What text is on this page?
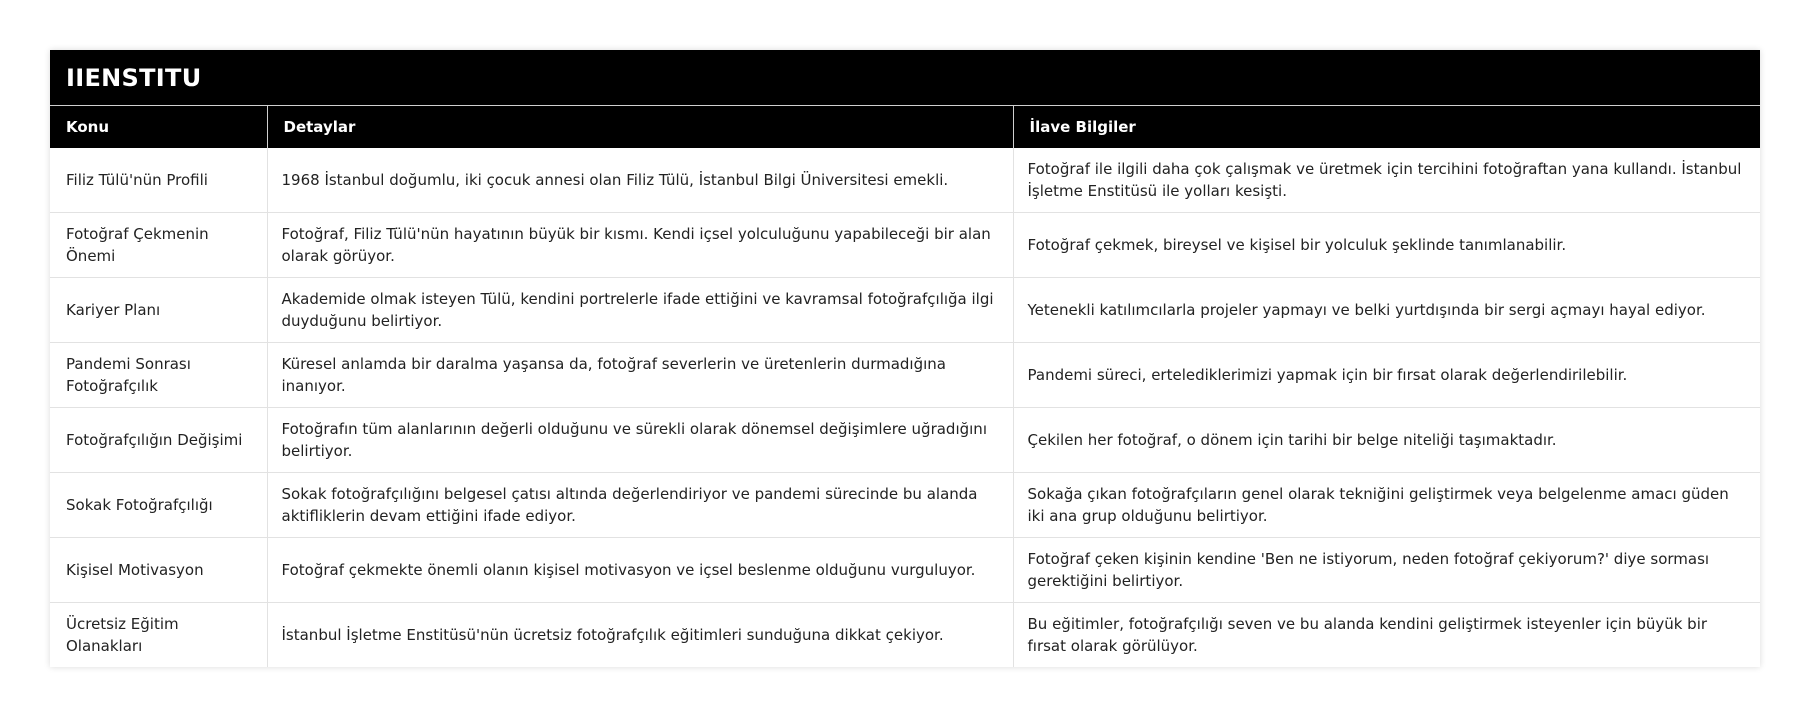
IIENSTITU
Konu	Detaylar	İlave Bilgiler
Filiz Tülü'nün Profili	1968 İstanbul doğumlu, iki çocuk annesi olan Filiz Tülü, İstanbul Bilgi Üniversitesi emekli.	Fotoğraf ile ilgili daha çok çalışmak ve üretmek için tercihini fotoğraftan yana kullandı. İstanbul İşletme Enstitüsü ile yolları kesişti.
Fotoğraf Çekmenin Önemi	Fotoğraf, Filiz Tülü'nün hayatının büyük bir kısmı. Kendi içsel yolculuğunu yapabileceği bir alan olarak görüyor.	Fotoğraf çekmek, bireysel ve kişisel bir yolculuk şeklinde tanımlanabilir.
Kariyer Planı	Akademide olmak isteyen Tülü, kendini portrelerle ifade ettiğini ve kavramsal fotoğrafçılığa ilgi duyduğunu belirtiyor.	Yetenekli katılımcılarla projeler yapmayı ve belki yurtdışında bir sergi açmayı hayal ediyor.
Pandemi Sonrası Fotoğrafçılık	Küresel anlamda bir daralma yaşansa da, fotoğraf severlerin ve üretenlerin durmadığına inanıyor.	Pandemi süreci, ertelediklerimizi yapmak için bir fırsat olarak değerlendirilebilir.
Fotoğrafçılığın Değişimi	Fotoğrafın tüm alanlarının değerli olduğunu ve sürekli olarak dönemsel değişimlere uğradığını belirtiyor.	Çekilen her fotoğraf, o dönem için tarihi bir belge niteliği taşımaktadır.
Sokak Fotoğrafçılığı	Sokak fotoğrafçılığını belgesel çatısı altında değerlendiriyor ve pandemi sürecinde bu alanda aktifliklerin devam ettiğini ifade ediyor.	Sokağa çıkan fotoğrafçıların genel olarak tekniğini geliştirmek veya belgelenme amacı güden iki ana grup olduğunu belirtiyor.
Kişisel Motivasyon	Fotoğraf çekmekte önemli olanın kişisel motivasyon ve içsel beslenme olduğunu vurguluyor.	Fotoğraf çeken kişinin kendine 'Ben ne istiyorum, neden fotoğraf çekiyorum?' diye sorması gerektiğini belirtiyor.
Ücretsiz Eğitim Olanakları	İstanbul İşletme Enstitüsü'nün ücretsiz fotoğrafçılık eğitimleri sunduğuna dikkat çekiyor.	Bu eğitimler, fotoğrafçılığı seven ve bu alanda kendini geliştirmek isteyenler için büyük bir fırsat olarak görülüyor.
